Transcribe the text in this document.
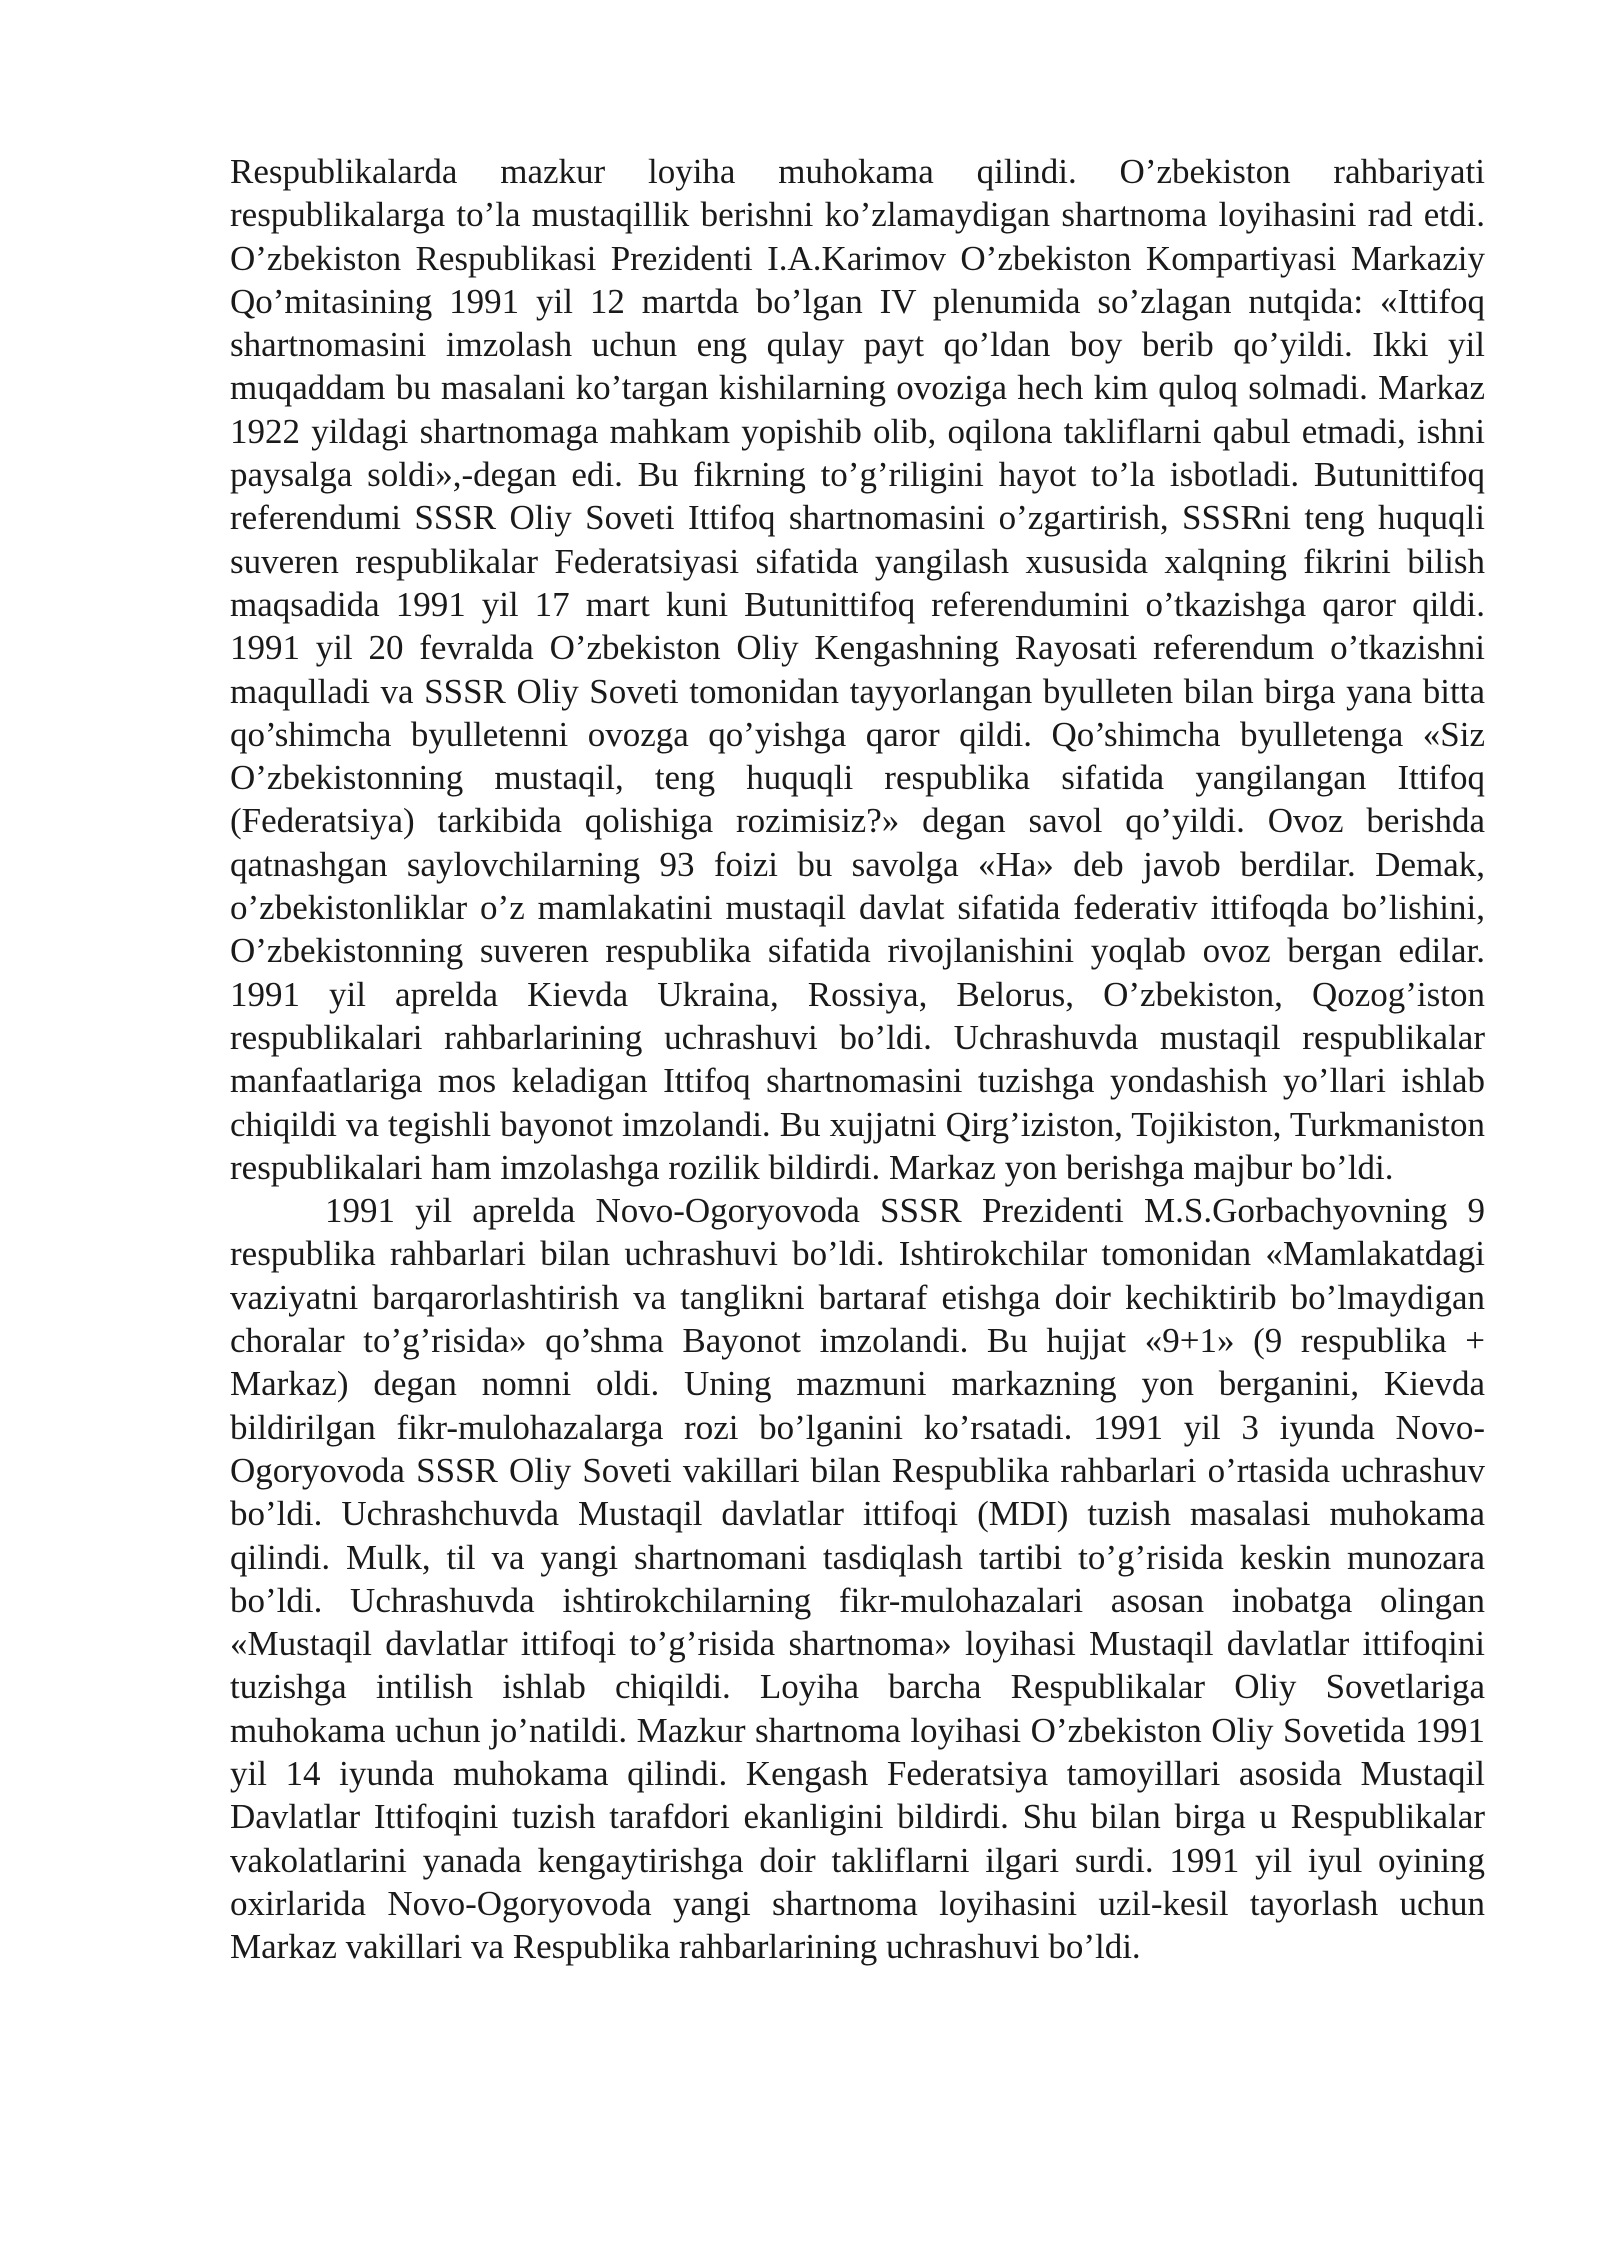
Respublikalarda mazkur loyiha muhokama qilindi. O’zbekiston rahbariyati respublikalarga to’la mustaqillik berishni ko’zlamaydigan shartnoma loyihasini rad etdi. O’zbekiston Respublikasi Prezidenti I.A.Karimov O’zbekiston Kompartiyasi Markaziy Qo’mitasining 1991 yil 12 martda bo’lgan IV plenumida so’zlagan nutqida: «Ittifoq shartnomasini imzolash uchun eng qulay payt qo’ldan boy berib qo’yildi. Ikki yil muqaddam bu masalani ko’targan kishilarning ovoziga hech kim quloq solmadi. Markaz 1922 yildagi shartnomaga mahkam yopishib olib, oqilona takliflarni qabul etmadi, ishni paysalga soldi»,-degan edi. Bu fikrning to’g’riligini hayot to’la isbotladi. Butunittifoq referendumi SSSR Oliy Soveti Ittifoq shartnomasini o’zgartirish, SSSRni teng huquqli suveren respublikalar Federatsiyasi sifatida yangilash xususida xalqning fikrini bilish maqsadida 1991 yil 17 mart kuni Butunittifoq referendumini o’tkazishga qaror qildi. 1991 yil 20 fevralda O’zbekiston Oliy Kengashning Rayosati referendum o’tkazishni maqulladi va SSSR Oliy Soveti tomonidan tayyorlangan byulleten bilan birga yana bitta qo’shimcha byulletenni ovozga qo’yishga qaror qildi. Qo’shimcha byulletenga «Siz O’zbekistonning mustaqil, teng huquqli respublika sifatida yangilangan Ittifoq (Federatsiya) tarkibida qolishiga rozimisiz?» degan savol qo’yildi. Ovoz berishda qatnashgan saylovchilarning 93 foizi bu savolga «Ha» deb javob berdilar. Demak, o’zbekistonliklar o’z mamlakatini mustaqil davlat sifatida federativ ittifoqda bo’lishini, O’zbekistonning suveren respublika sifatida rivojlanishini yoqlab ovoz bergan edilar. 1991 yil aprelda Kievda Ukraina, Rossiya, Belorus, O’zbekiston, Qozog’iston respublikalari rahbarlarining uchrashuvi bo’ldi. Uchrashuvda mustaqil respublikalar manfaatlariga mos keladigan Ittifoq shartnomasini tuzishga yondashish yo’llari ishlab chiqildi va tegishli bayonot imzolandi. Bu xujjatni Qirg’iziston, Tojikiston, Turkmaniston respublikalari ham imzolashga rozilik bildirdi. Markaz yon berishga majbur bo’ldi.

1991 yil aprelda Novo-Ogoryovoda SSSR Prezidenti M.S.Gorbachyovning 9 respublika rahbarlari bilan uchrashuvi bo’ldi. Ishtirokchilar tomonidan «Mamlakatdagi vaziyatni barqarorlashtirish va tanglikni bartaraf etishga doir kechiktirib bo’lmaydigan choralar to’g’risida» qo’shma Bayonot imzolandi. Bu hujjat «9+1» (9 respublika + Markaz) degan nomni oldi. Uning mazmuni markazning yon berganini, Kievda bildirilgan fikr-mulohazalarga rozi bo’lganini ko’rsatadi. 1991 yil 3 iyunda Novo-Ogoryovoda SSSR Oliy Soveti vakillari bilan Respublika rahbarlari o’rtasida uchrashuv bo’ldi. Uchrashchuvda Mustaqil davlatlar ittifoqi (MDI) tuzish masalasi muhokama qilindi. Mulk, til va yangi shartnomani tasdiqlash tartibi to’g’risida keskin munozara bo’ldi. Uchrashuvda ishtirokchilarning fikr-mulohazalari asosan inobatga olingan «Mustaqil davlatlar ittifoqi to’g’risida shartnoma» loyihasi Mustaqil davlatlar ittifoqini tuzishga intilish ishlab chiqildi. Loyiha barcha Respublikalar Oliy Sovetlariga muhokama uchun jo’natildi. Mazkur shartnoma loyihasi O’zbekiston Oliy Sovetida 1991 yil 14 iyunda muhokama qilindi. Kengash Federatsiya tamoyillari asosida Mustaqil Davlatlar Ittifoqini tuzish tarafdori ekanligini bildirdi. Shu bilan birga u Respublikalar vakolatlarini yanada kengaytirishga doir takliflarni ilgari surdi. 1991 yil iyul oyining oxirlarida Novo-Ogoryovoda yangi shartnoma loyihasini uzil-kesil tayorlash uchun Markaz vakillari va Respublika rahbarlarining uchrashuvi bo’ldi.
